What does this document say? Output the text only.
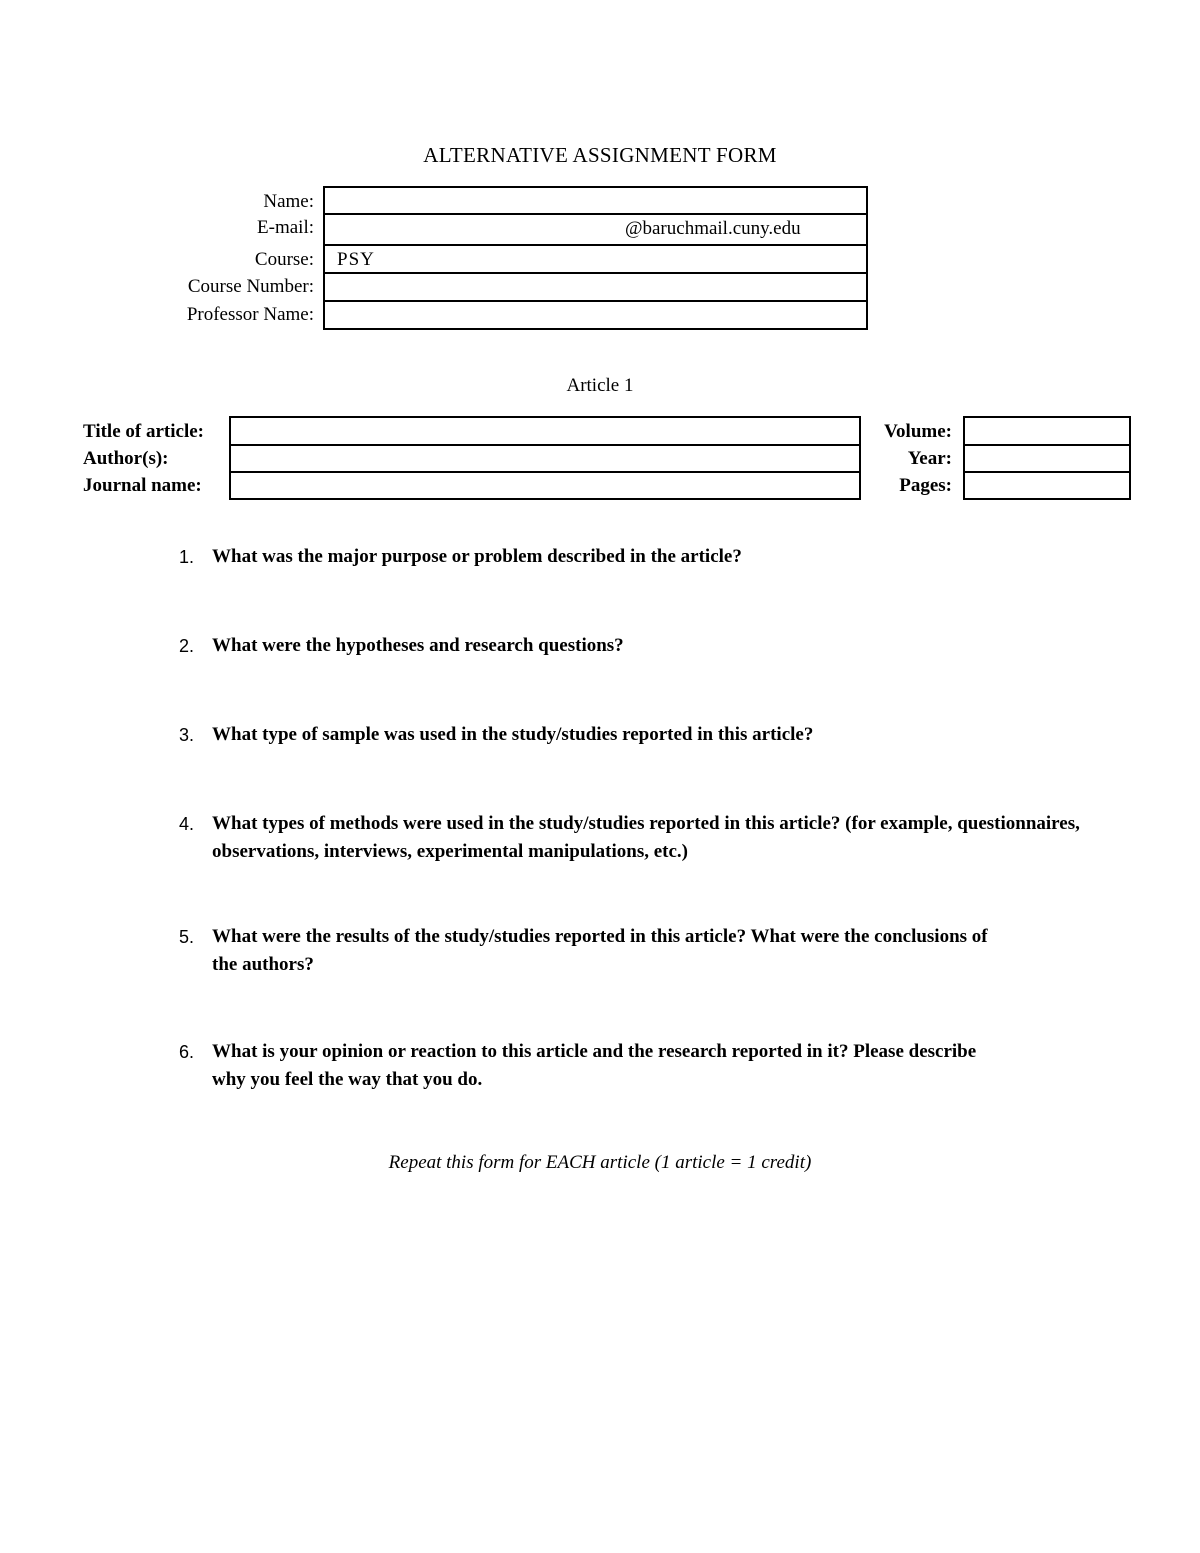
ALTERNATIVE ASSIGNMENT FORM
Name:
E-mail:
Course:
Course Number:
Professor Name:
@baruchmail.cuny.edu
PSY
Article 1
Title of article:
Author(s):
Journal name:
Volume:
Year:
Pages:
1. What was the major purpose or problem described in the article?
2. What were the hypotheses and research questions?
3. What type of sample was used in the study/studies reported in this article?
4. What types of methods were used in the study/studies reported in this article? (for example, questionnaires, observations, interviews, experimental manipulations, etc.)
5. What were the results of the study/studies reported in this article? What were the conclusions of the authors?
6. What is your opinion or reaction to this article and the research reported in it? Please describe why you feel the way that you do.
Repeat this form for EACH article (1 article = 1 credit)
